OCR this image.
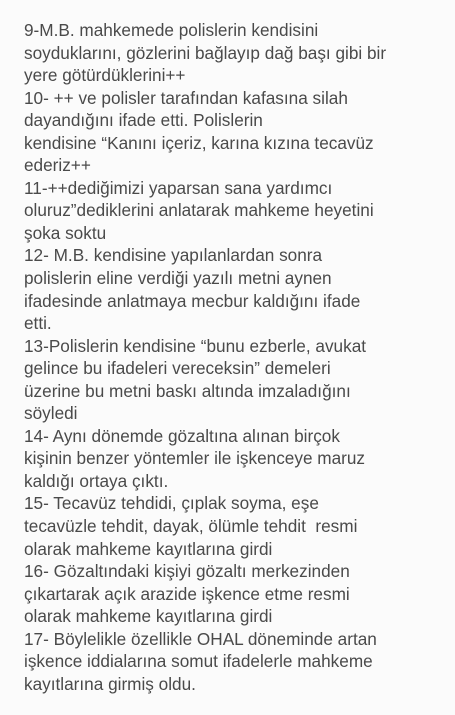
9-M.B. mahkemede polislerin kendisini
soyduklarını, gözlerini bağlayıp dağ başı gibi bir
yere götürdüklerini++
10- ++ ve polisler tarafından kafasına silah
dayandığını ifade etti. Polislerin
kendisine “Kanını içeriz, karına kızına tecavüz
ederiz++
11-++dediğimizi yaparsan sana yardımcı
oluruz”dediklerini anlatarak mahkeme heyetini
şoka soktu
12- M.B. kendisine yapılanlardan sonra
polislerin eline verdiği yazılı metni aynen
ifadesinde anlatmaya mecbur kaldığını ifade
etti.
13-Polislerin kendisine “bunu ezberle, avukat
gelince bu ifadeleri vereceksin” demeleri
üzerine bu metni baskı altında imzaladığını
söyledi
14- Aynı dönemde gözaltına alınan birçok
kişinin benzer yöntemler ile işkenceye maruz
kaldığı ortaya çıktı.
15- Tecavüz tehdidi, çıplak soyma, eşe
tecavüzle tehdit, dayak, ölümle tehdit  resmi
olarak mahkeme kayıtlarına girdi
16- Gözaltındaki kişiyi gözaltı merkezinden
çıkartarak açık arazide işkence etme resmi
olarak mahkeme kayıtlarına girdi
17- Böylelikle özellikle OHAL döneminde artan
işkence iddialarına somut ifadelerle mahkeme
kayıtlarına girmiş oldu.
